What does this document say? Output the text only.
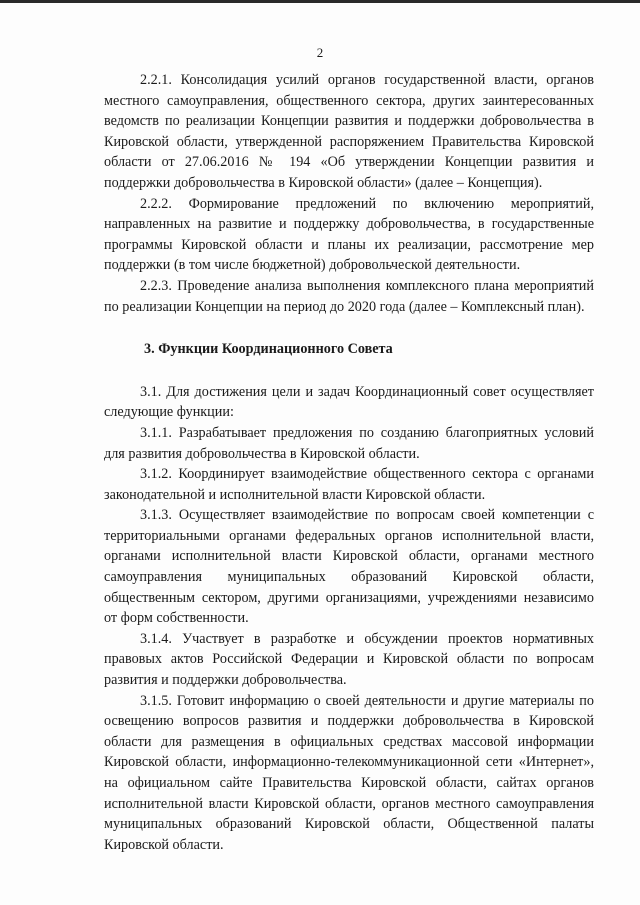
2

2.2.1. Консолидация усилий органов государственной власти, органов местного самоуправления, общественного сектора, других заинтересованных ведомств по реализации Концепции развития и поддержки добровольчества в Кировской области, утвержденной распоряжением Правительства Кировской области от 27.06.2016 № 194 «Об утверждении Концепции развития и поддержки добровольчества в Кировской области» (далее – Концепция).

2.2.2. Формирование предложений по включению мероприятий, направленных на развитие и поддержку добровольчества, в государственные программы Кировской области и планы их реализации, рассмотрение мер поддержки (в том числе бюджетной) добровольческой деятельности.

2.2.3. Проведение анализа выполнения комплексного плана мероприятий по реализации Концепции на период до 2020 года (далее – Комплексный план).

3. Функции Координационного Совета

3.1. Для достижения цели и задач Координационный совет осуществляет следующие функции:

3.1.1. Разрабатывает предложения по созданию благоприятных условий для развития добровольчества в Кировской области.

3.1.2. Координирует взаимодействие общественного сектора с органами законодательной и исполнительной власти Кировской области.

3.1.3. Осуществляет взаимодействие по вопросам своей компетенции с территориальными органами федеральных органов исполнительной власти, органами исполнительной власти Кировской области, органами местного самоуправления муниципальных образований Кировской области, общественным сектором, другими организациями, учреждениями независимо от форм собственности.

3.1.4. Участвует в разработке и обсуждении проектов нормативных правовых актов Российской Федерации и Кировской области по вопросам развития и поддержки добровольчества.

3.1.5. Готовит информацию о своей деятельности и другие материалы по освещению вопросов развития и поддержки добровольчества в Кировской области для размещения в официальных средствах массовой информации Кировской области, информационно-телекоммуникационной сети «Интернет», на официальном сайте Правительства Кировской области, сайтах органов исполнительной власти Кировской области, органов местного самоуправления муниципальных образований Кировской области, Общественной палаты Кировской области.
